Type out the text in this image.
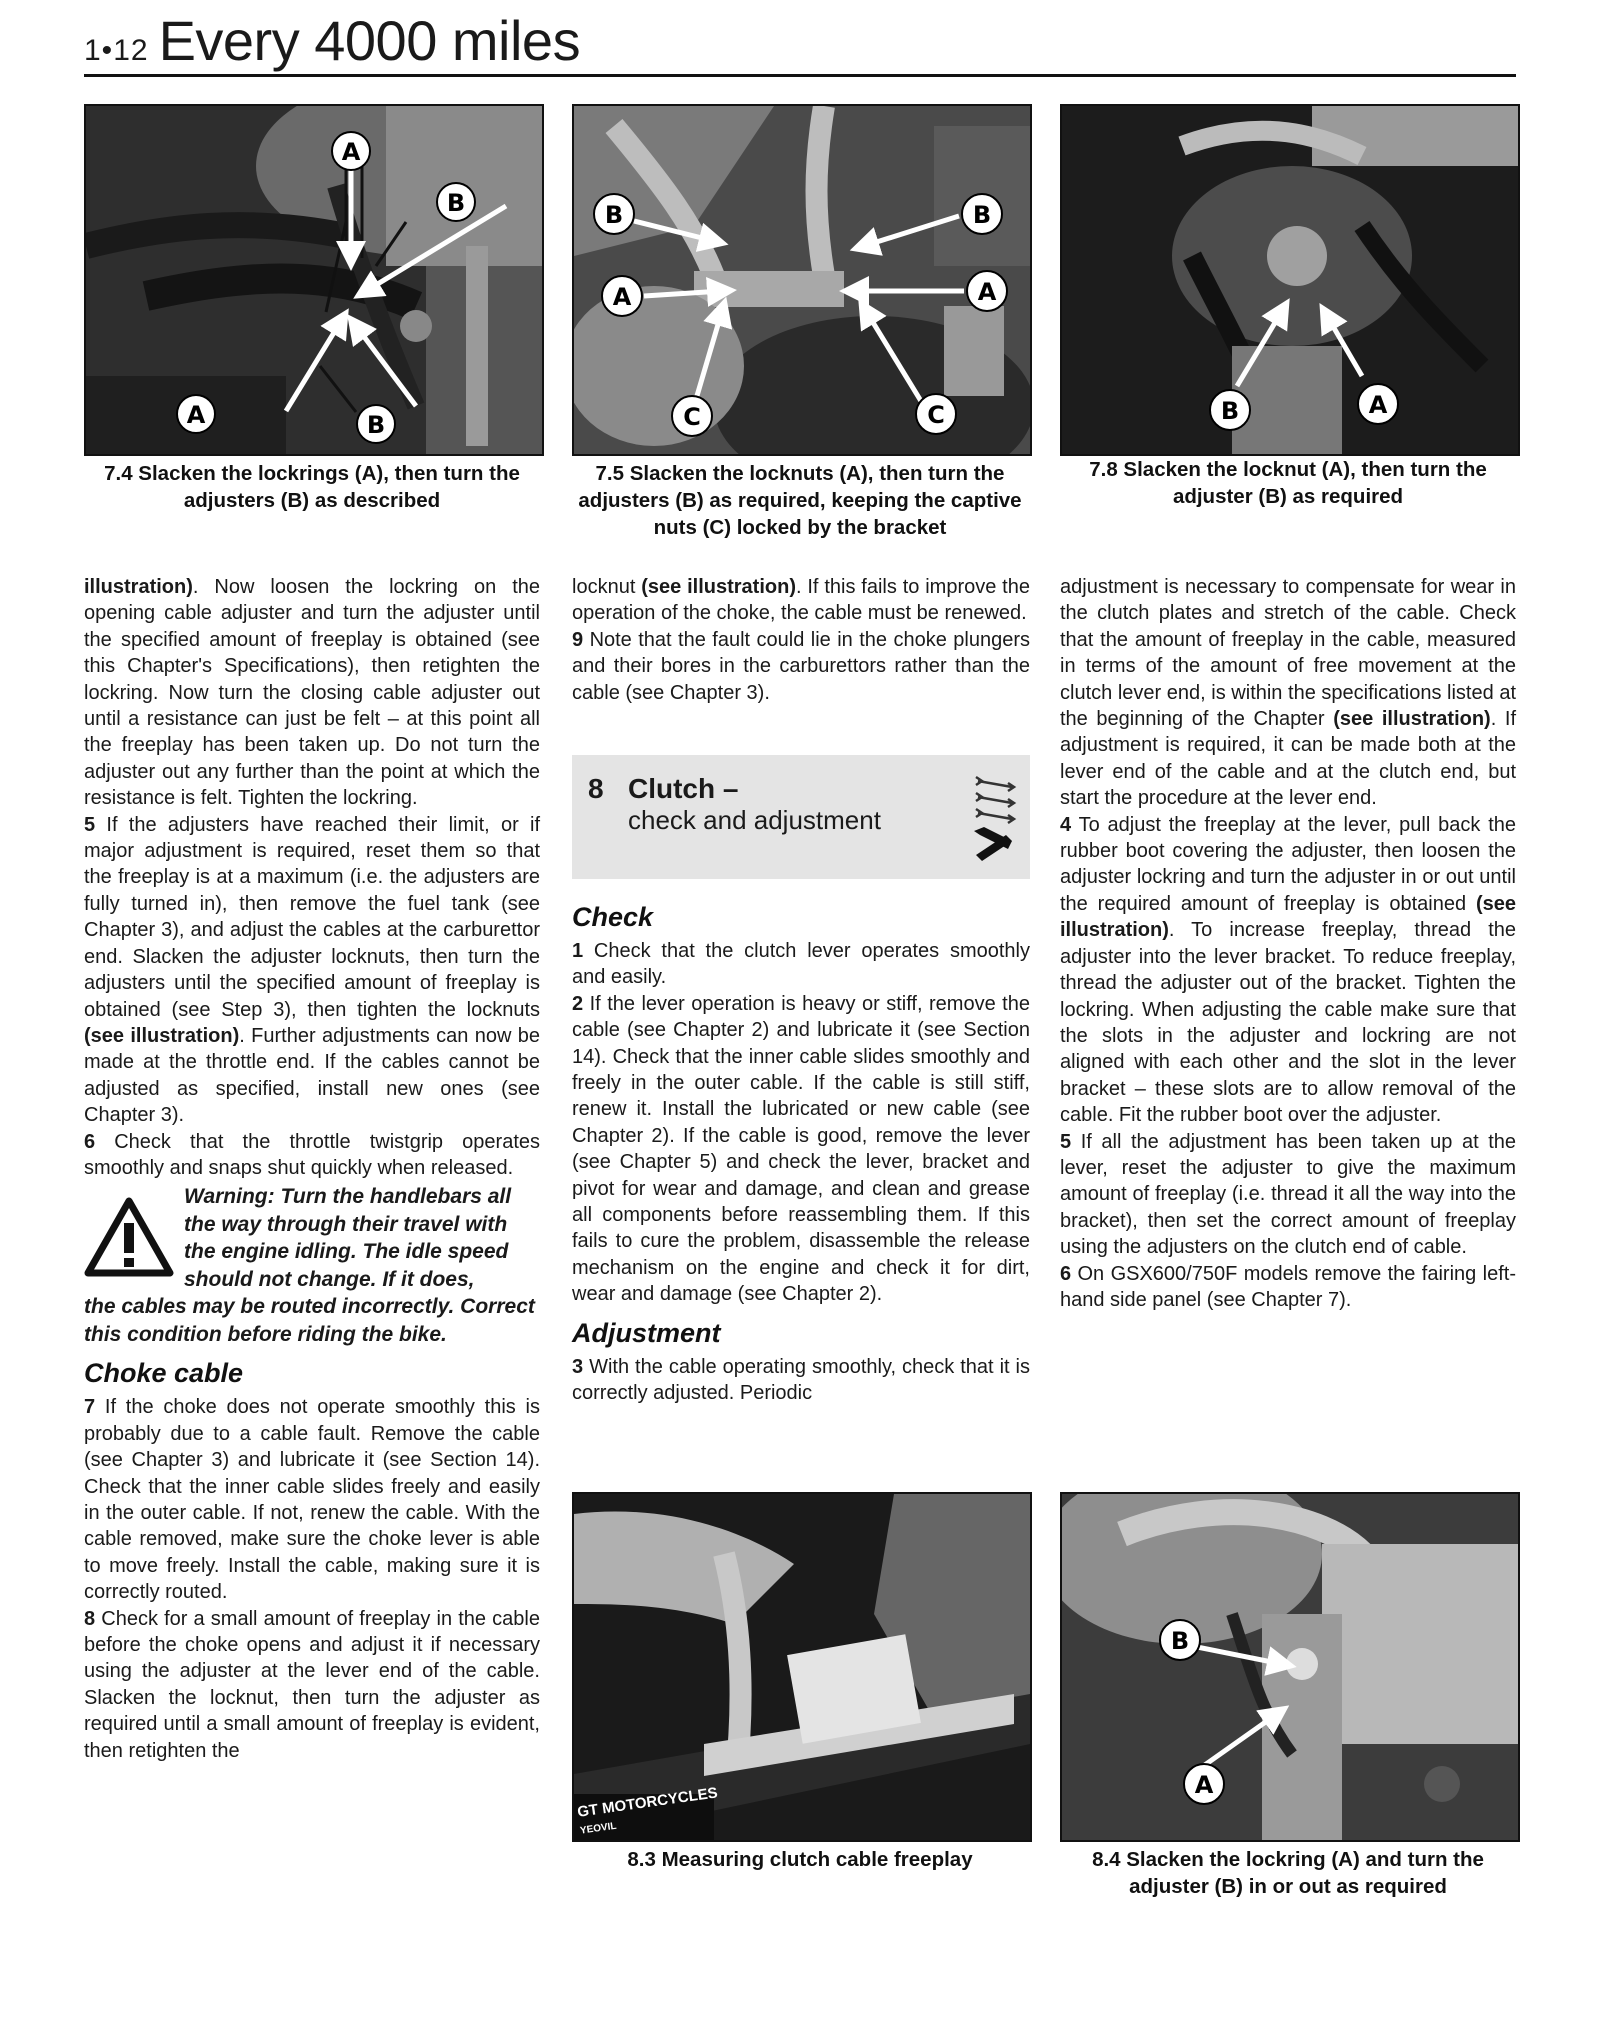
1•12 Every 4000 miles
A
B
A	B
7.4 Slacken the lockrings (A), then turn the adjusters (B) as described
B	B
A	A
C	C
7.5 Slacken the locknuts (A), then turn the adjusters (B) as required, keeping the captive nuts (C) locked by the bracket
B	A
7.8 Slacken the locknut (A), then turn the adjuster (B) as required

illustration). Now loosen the lockring on the opening cable adjuster and turn the adjuster until the specified amount of freeplay is obtained (see this Chapter's Specifications), then retighten the lockring. Now turn the closing cable adjuster out until a resistance can just be felt – at this point all the freeplay has been taken up. Do not turn the adjuster out any further than the point at which the resistance is felt. Tighten the lockring.

5 If the adjusters have reached their limit, or if major adjustment is required, reset them so that the freeplay is at a maximum (i.e. the adjusters are fully turned in), then remove the fuel tank (see Chapter 3), and adjust the cables at the carburettor end. Slacken the adjuster locknuts, then turn the adjusters until the specified amount of freeplay is obtained (see Step 3), then tighten the locknuts (see illustration). Further adjustments can now be made at the throttle end. If the cables cannot be adjusted as specified, install new ones (see Chapter 3).

6 Check that the throttle twistgrip operates smoothly and snaps shut quickly when released.

Warning: Turn the handlebars all the way through their travel with the engine idling. The idle speed should not change. If it does,

the cables may be routed incorrectly. Correct this condition before riding the bike.

Choke cable

7 If the choke does not operate smoothly this is probably due to a cable fault. Remove the cable (see Chapter 3) and lubricate it (see Section 14). Check that the inner cable slides freely and easily in the outer cable. If not, renew the cable. With the cable removed, make sure the choke lever is able to move freely. Install the cable, making sure it is correctly routed.

8 Check for a small amount of freeplay in the cable before the choke opens and adjust it if necessary using the adjuster at the lever end of the cable. Slacken the locknut, then turn the adjuster as required until a small amount of freeplay is evident, then retighten the

locknut (see illustration). If this fails to improve the operation of the choke, the cable must be renewed.

9 Note that the fault could lie in the choke plungers and their bores in the carburettors rather than the cable (see Chapter 3).

8 Clutch –
check and adjustment

Check

1 Check that the clutch lever operates smoothly and easily.

2 If the lever operation is heavy or stiff, remove the cable (see Chapter 2) and lubricate it (see Section 14). Check that the inner cable slides smoothly and freely in the outer cable. If the cable is still stiff, renew it. Install the lubricated or new cable (see Chapter 2). If the cable is good, remove the lever (see Chapter 5) and check the lever, bracket and pivot for wear and damage, and clean and grease all components before reassembling them. If this fails to cure the problem, disassemble the release mechanism on the engine and check it for dirt, wear and damage (see Chapter 2).

Adjustment

3 With the cable operating smoothly, check that it is correctly adjusted. Periodic

adjustment is necessary to compensate for wear in the clutch plates and stretch of the cable. Check that the amount of freeplay in the cable, measured in terms of the amount of free movement at the clutch lever end, is within the specifications listed at the beginning of the Chapter (see illustration). If adjustment is required, it can be made both at the lever end of the cable and at the clutch end, but start the procedure at the lever end.

4 To adjust the freeplay at the lever, pull back the rubber boot covering the adjuster, then loosen the adjuster lockring and turn the adjuster in or out until the required amount of freeplay is obtained (see illustration). To increase freeplay, thread the adjuster into the lever bracket. To reduce freeplay, thread the adjuster out of the bracket. Tighten the lockring. When adjusting the cable make sure that the slots in the adjuster and lockring are not aligned with each other and the slot in the lever bracket – these slots are to allow removal of the cable. Fit the rubber boot over the adjuster.

5 If all the adjustment has been taken up at the lever, reset the adjuster to give the maximum amount of freeplay (i.e. thread it all the way into the bracket), then set the correct amount of freeplay using the adjusters on the clutch end of cable.

6 On GSX600/750F models remove the fairing left-hand side panel (see Chapter 7).

GT MOTORCYCLES
YEOVIL
8.3 Measuring clutch cable freeplay
B
A
8.4 Slacken the lockring (A) and turn the adjuster (B) in or out as required
